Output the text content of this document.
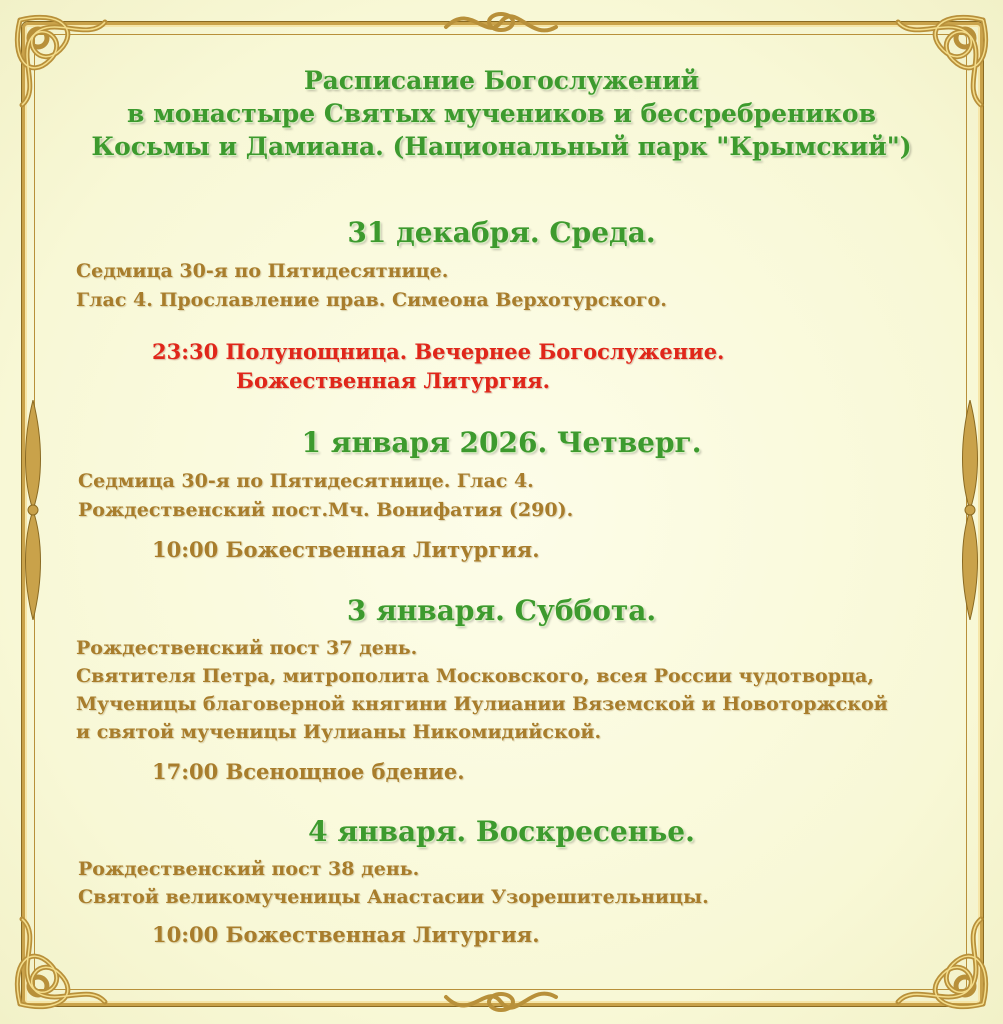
Расписание Богослужений

в монастыре Святых мучеников и бессребреников

Косьмы и Дамиана. (Национальный парк "Крымский")

31 декабря. Среда.

Седмица 30-я по Пятидесятнице.

Глас 4. Прославление прав. Симеона Верхотурского.

23:30 Полунощница. Вечернее Богослужение.

Божественная Литургия.

1 января 2026. Четверг.

Седмица 30-я по Пятидесятнице. Глас 4.

Рождественский пост.Мч. Вонифатия (290).

10:00 Божественная Литургия.

3 января. Суббота.

Рождественский пост 37 день.

Святителя Петра, митрополита Московского, всея России чудотворца,

Мученицы благоверной княгини Иулиании Вяземской и Новоторжской

и святой мученицы Иулианы Никомидийской.

17:00 Всенощное бдение.

4 января. Воскресенье.

Рождественский пост 38 день.

Святой великомученицы Анастасии Узорешительницы.

10:00 Божественная Литургия.
